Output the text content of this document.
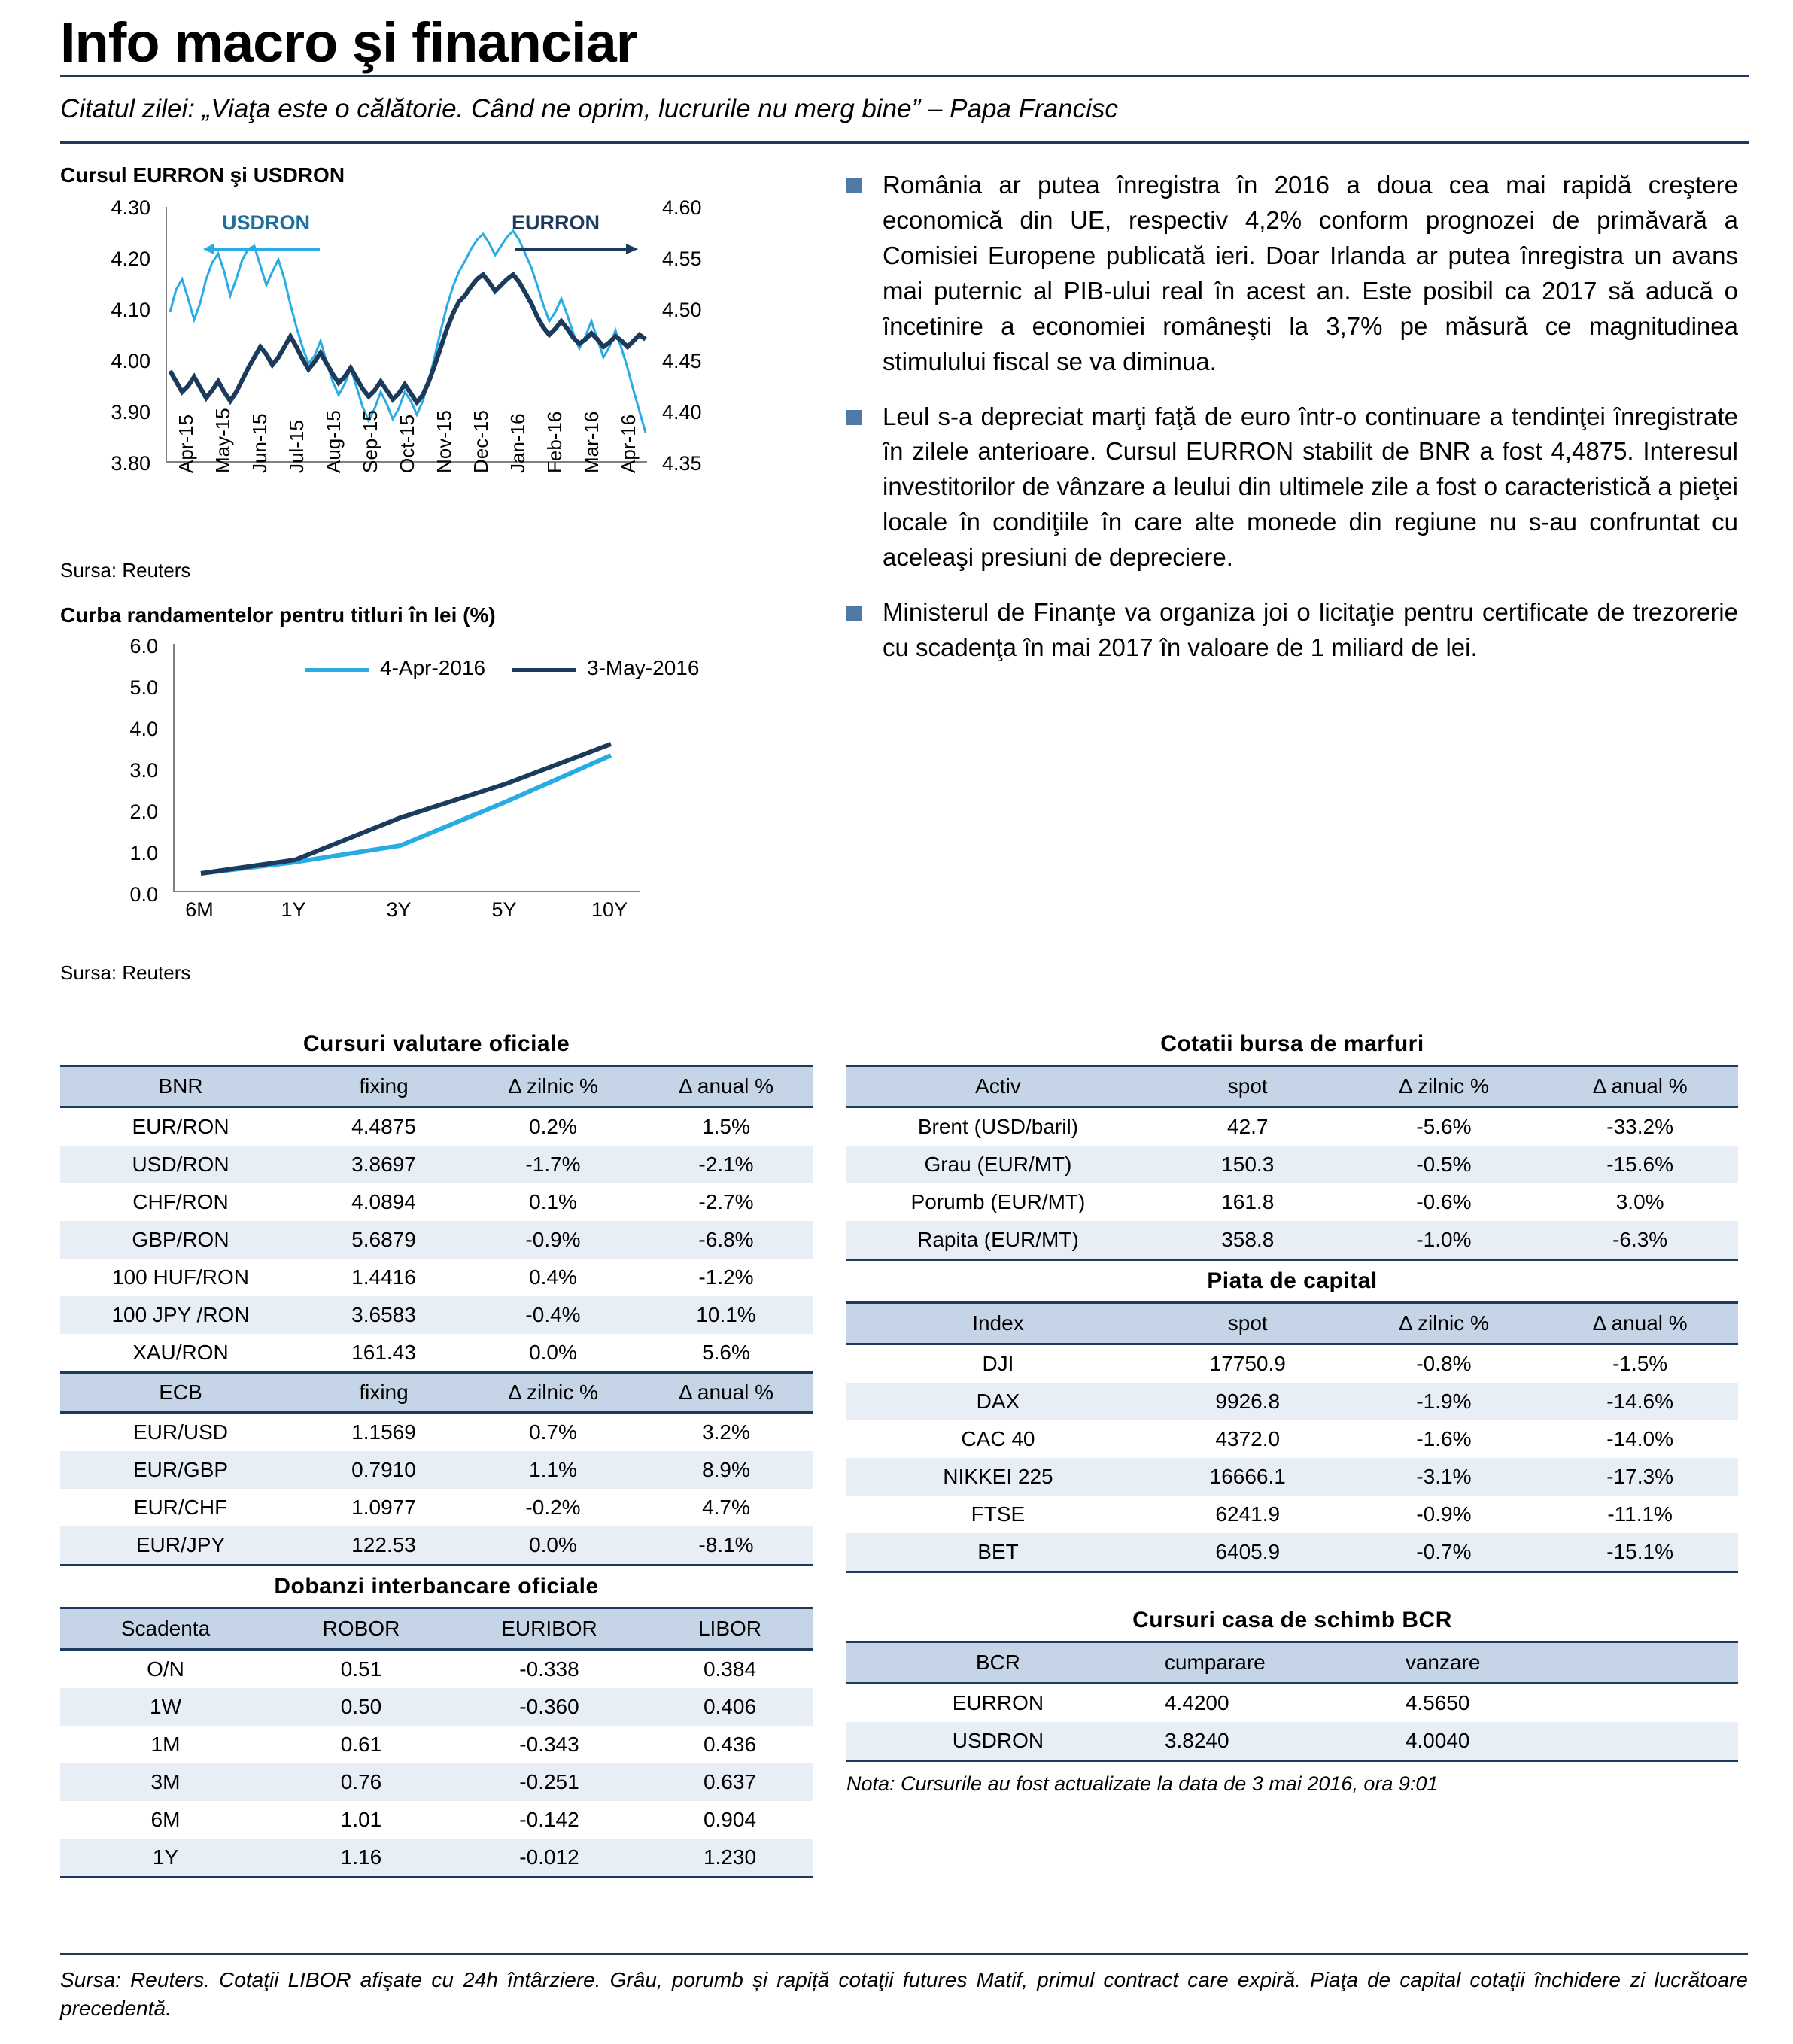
Info macro şi financiar
Citatul zilei: „Viaţa este o călătorie. Când ne oprim, lucrurile nu merg bine” – Papa Francisc
Cursul EURRON şi USDRON
4.30
4.20
4.10
4.00
3.90
3.80
4.60
4.55
4.50
4.45
4.40
4.35
USDRON	EURRON
Apr-15 May-15 Jun-15 Jul-15 Aug-15 Sep-15 Oct-15 Nov-15 Dec-15 Jan-16 Feb-16 Mar-16 Apr-16
Sursa: Reuters
Curba randamentelor pentru titluri în lei (%)
6.0
5.0
4.0
3.0
2.0
1.0
0.0
4-Apr-2016	3-May-2016
6M	1Y	3Y	5Y	10Y
Sursa: Reuters
România ar putea înregistra în 2016 a doua cea mai rapidă creştere economică din UE, respectiv 4,2% conform prognozei de primăvară a Comisiei Europene publicată ieri. Doar Irlanda ar putea înregistra un avans mai puternic al PIB-ului real în acest an. Este posibil ca 2017 să aducă o încetinire a economiei româneşti la 3,7% pe măsură ce magnitudinea stimulului fiscal se va diminua.
Leul s-a depreciat marţi faţă de euro într-o continuare a tendinţei înregistrate în zilele anterioare. Cursul EURRON stabilit de BNR a fost 4,4875. Interesul investitorilor de vânzare a leului din ultimele zile a fost o caracteristică a pieţei locale în condiţiile în care alte monede din regiune nu s-au confruntat cu aceleaşi presiuni de depreciere.
Ministerul de Finanţe va organiza joi o licitaţie pentru certificate de trezorerie cu scadenţa în mai 2017 în valoare de 1 miliard de lei.
Cursuri valutare oficiale
BNR	fixing	Δ zilnic %	Δ anual %
EUR/RON	4.4875	0.2%	1.5%
USD/RON	3.8697	-1.7%	-2.1%
CHF/RON	4.0894	0.1%	-2.7%
GBP/RON	5.6879	-0.9%	-6.8%
100 HUF/RON	1.4416	0.4%	-1.2%
100 JPY /RON	3.6583	-0.4%	10.1%
XAU/RON	161.43	0.0%	5.6%
ECB	fixing	Δ zilnic %	Δ anual %
EUR/USD	1.1569	0.7%	3.2%
EUR/GBP	0.7910	1.1%	8.9%
EUR/CHF	1.0977	-0.2%	4.7%
EUR/JPY	122.53	0.0%	-8.1%
Dobanzi interbancare oficiale
Scadenta	ROBOR	EURIBOR	LIBOR
O/N	0.51	-0.338	0.384
1W	0.50	-0.360	0.406
1M	0.61	-0.343	0.436
3M	0.76	-0.251	0.637
6M	1.01	-0.142	0.904
1Y	1.16	-0.012	1.230
Cotatii bursa de marfuri
Activ	spot	Δ zilnic %	Δ anual %
Brent (USD/baril)	42.7	-5.6%	-33.2%
Grau (EUR/MT)	150.3	-0.5%	-15.6%
Porumb (EUR/MT)	161.8	-0.6%	3.0%
Rapita (EUR/MT)	358.8	-1.0%	-6.3%
Piata de capital
Index	spot	Δ zilnic %	Δ anual %
DJI	17750.9	-0.8%	-1.5%
DAX	9926.8	-1.9%	-14.6%
CAC 40	4372.0	-1.6%	-14.0%
NIKKEI 225	16666.1	-3.1%	-17.3%
FTSE	6241.9	-0.9%	-11.1%
BET	6405.9	-0.7%	-15.1%
Cursuri casa de schimb BCR
BCR	cumparare	vanzare
EURRON	4.4200	4.5650
USDRON	3.8240	4.0040
Nota: Cursurile au fost actualizate la data de 3 mai 2016, ora 9:01
Sursa: Reuters. Cotaţii LIBOR afişate cu 24h întârziere. Grâu, porumb și rapiță cotaţii futures Matif, primul contract care expiră. Piaţa de capital cotaţii închidere zi lucrătoare precedentă.
